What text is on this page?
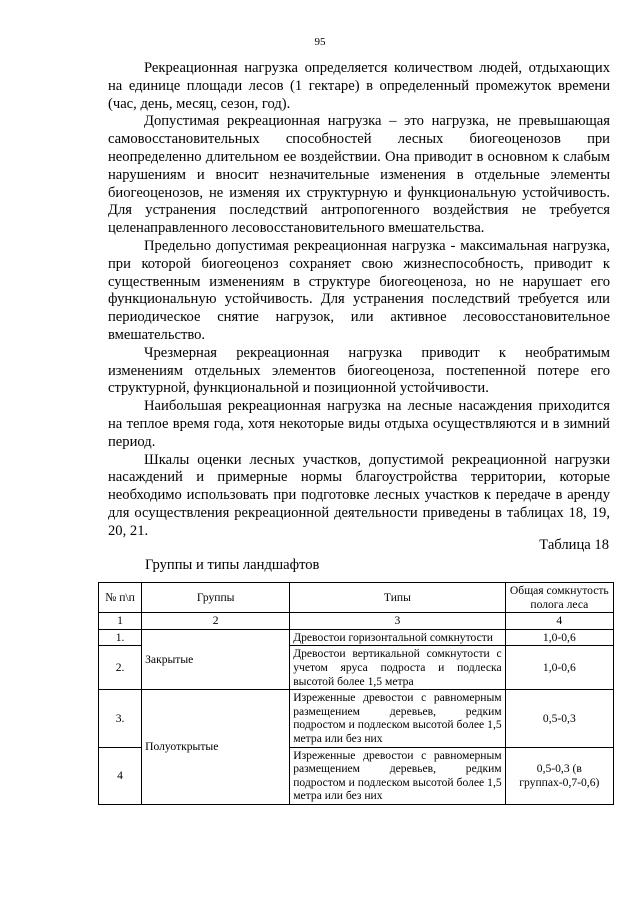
95

Рекреационная нагрузка определяется количеством людей, отдыхающих на единице площади лесов (1 гектаре) в определенный промежуток времени (час, день, месяц, сезон, год).

Допустимая рекреационная нагрузка – это нагрузка, не превышающая самовосстановительных способностей лесных биогеоценозов при неопределенно длительном ее воздействии. Она приводит в основном к слабым нарушениям и вносит незначительные изменения в отдельные элементы биогеоценозов, не изменяя их структурную и функциональную устойчивость. Для устранения последствий антропогенного воздействия не требуется целенаправленного лесовосстановительного вмешательства.

Предельно допустимая рекреационная нагрузка - максимальная нагрузка, при которой биогеоценоз сохраняет свою жизнеспособность, приводит к существенным изменениям в структуре биогеоценоза, но не нарушает его функциональную устойчивость. Для устранения последствий требуется или периодическое снятие нагрузок, или активное лесовосстановительное вмешательство.

Чрезмерная рекреационная нагрузка приводит к необратимым изменениям отдельных элементов биогеоценоза, постепенной потере его структурной, функциональной и позиционной устойчивости.

Наибольшая рекреационная нагрузка на лесные насаждения приходится на теплое время года, хотя некоторые виды отдыха осуществляются и в зимний период.

Шкалы оценки лесных участков, допустимой рекреационной нагрузки насаждений и примерные нормы благоустройства территории, которые необходимо использовать при подготовке лесных участков к передаче в аренду для осуществления рекреационной деятельности приведены в таблицах 18, 19, 20, 21.

Таблица 18
Группы и типы ландшафтов
№ п\п	Группы	Типы	Общая сомкнутость полога леса
1	2	3	4
1.	Закрытые	Древостои горизонтальной сомкнутости	1,0-0,6
2.		Древостои вертикальной сомкнутости с учетом яруса подроста и подлеска высотой более 1,5 метра	1,0-0,6
3.	Полуоткрытые	Изреженные древостои с равномерным размещением деревьев, редким подростом и подлеском высотой более 1,5 метра или без них	0,5-0,3
4		Изреженные древостои с равномерным размещением деревьев, редким подростом и подлеском высотой более 1,5 метра или без них	0,5-0,3 (в группах-0,7-0,6)
